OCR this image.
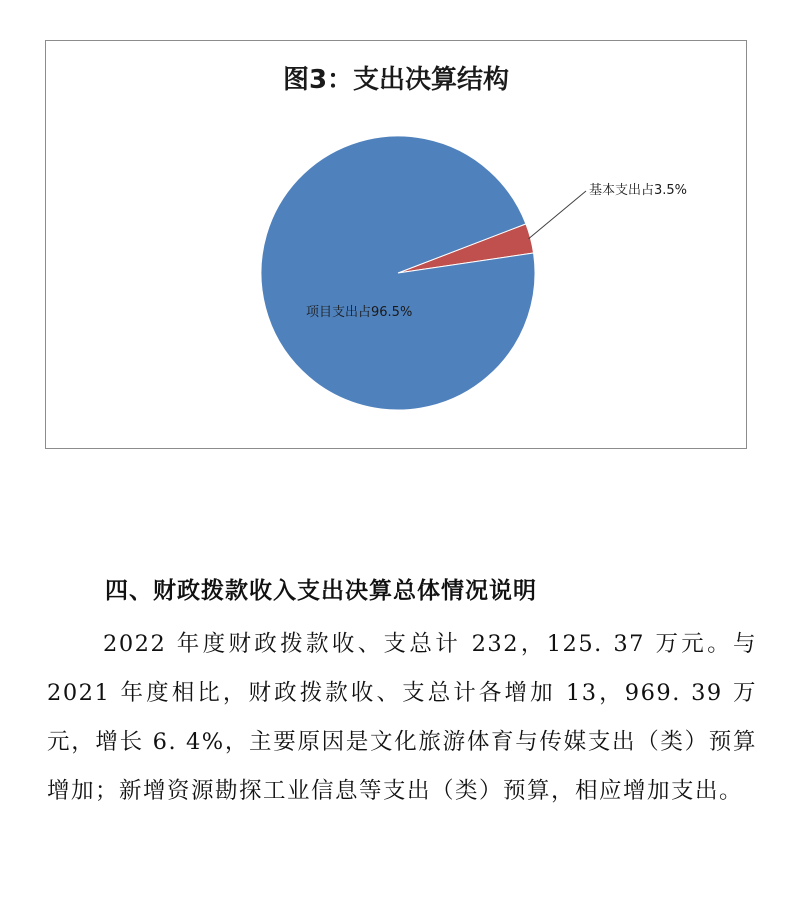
图3：支出决算结构
基本支出占3.5%
项目支出占96.5%
四、财政拨款收入支出决算总体情况说明

2022 年度财政拨款收、支总计 232，125. 37 万元。与 2021 年度相比，财政拨款收、支总计各增加 13，969. 39 万元，增长 6. 4%，主要原因是文化旅游体育与传媒支出（类）预算增加；新增资源勘探工业信息等支出（类）预算，相应增加支出。
